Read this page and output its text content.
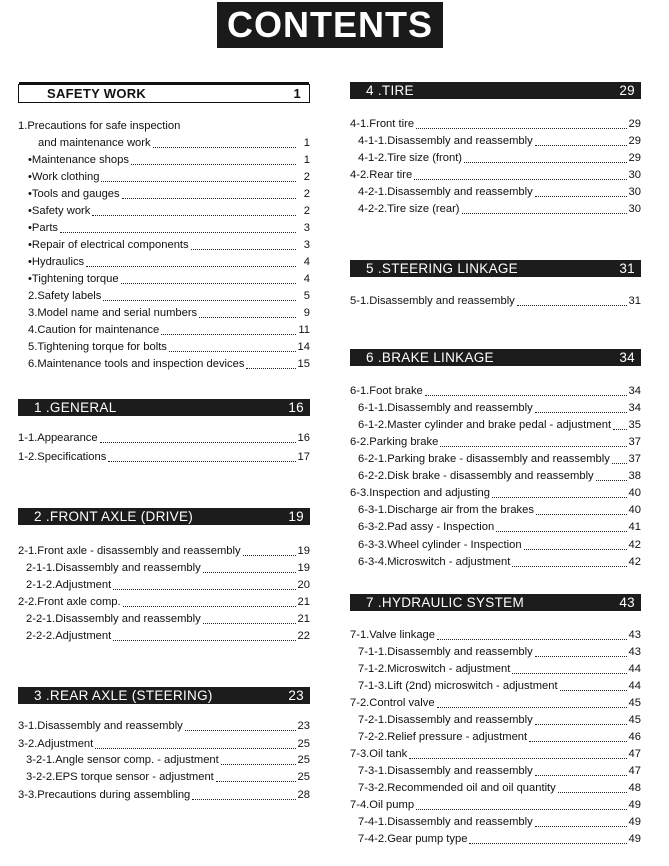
CONTENTS
SAFETY WORK	1
1.Precautions for safe inspection
and maintenance work	1
•Maintenance shops	1
•Work clothing	2
•Tools and gauges	2
•Safety work	2
•Parts	3
•Repair of electrical components	3
•Hydraulics	4
•Tightening torque	4
2.Safety labels	5
3.Model name and serial numbers	9
4.Caution for maintenance	11
5.Tightening torque for bolts	14
6.Maintenance tools and inspection devices	15
1 .GENERAL	16
1-1.Appearance	16
1-2.Specifications	17
2 .FRONT AXLE (DRIVE)	19
2-1.Front axle - disassembly and reassembly	19
2-1-1.Disassembly and reassembly	19
2-1-2.Adjustment	20
2-2.Front axle comp.	21
2-2-1.Disassembly and reassembly	21
2-2-2.Adjustment	22
3 .REAR AXLE (STEERING)	23
3-1.Disassembly and reassembly	23
3-2.Adjustment	25
3-2-1.Angle sensor comp. - adjustment	25
3-2-2.EPS torque sensor - adjustment	25
3-3.Precautions during assembling	28
4 .TIRE	29
4-1.Front tire	29
4-1-1.Disassembly and reassembly	29
4-1-2.Tire size (front)	29
4-2.Rear tire	30
4-2-1.Disassembly and reassembly	30
4-2-2.Tire size (rear)	30
5 .STEERING LINKAGE	31
5-1.Disassembly and reassembly	31
6 .BRAKE LINKAGE	34
6-1.Foot brake	34
6-1-1.Disassembly and reassembly	34
6-1-2.Master cylinder and brake pedal - adjustment 35
6-2.Parking brake	37
6-2-1.Parking brake - disassembly and reassembly 37
6-2-2.Disk brake - disassembly and reassembly	38
6-3.Inspection and adjusting	40
6-3-1.Discharge air from the brakes	40
6-3-2.Pad assy - Inspection	41
6-3-3.Wheel cylinder - Inspection	42
6-3-4.Microswitch - adjustment	42
7 .HYDRAULIC SYSTEM	43
7-1.Valve linkage	43
7-1-1.Disassembly and reassembly	43
7-1-2.Microswitch - adjustment	44
7-1-3.Lift (2nd) microswitch - adjustment	44
7-2.Control valve	45
7-2-1.Disassembly and reassembly	45
7-2-2.Relief pressure - adjustment	46
7-3.Oil tank	47
7-3-1.Disassembly and reassembly	47
7-3-2.Recommended oil and oil quantity	48
7-4.Oil pump	49
7-4-1.Disassembly and reassembly	49
7-4-2.Gear pump type	49
